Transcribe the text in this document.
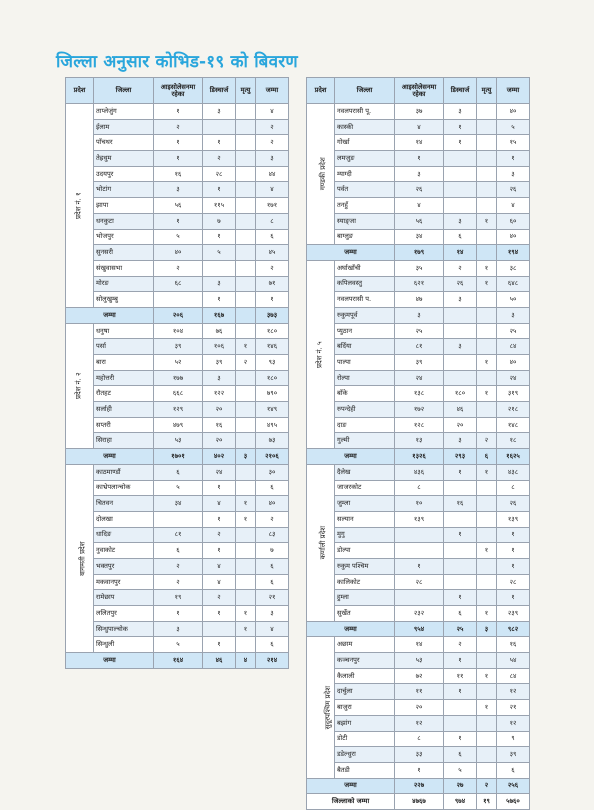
जिल्ला अनुसार कोभिड-१९ को बिवरण
प्रदेश	जिल्ला	आइसोलेसनमा रहेका	डिस्चार्ज	मृत्यु	जम्मा
प्रदेश नं. १	ताप्लेजुंग	१	३		४
	ईलाम	२			२
	पाँचथर	१	१		२
	तेह्रथुम	१	२		३
	उदयपुर	१६	२८		४४
	भोटांग	३	१		४
	झापा	५६	११५		१७१
	धनकुटा	१	७		८
	भोजपुर	५	१		६
	सुनसरी	४०	५		४५
	संखुवासभा	२			२
	मोरङ	६८	३		७१
	सोलुखुम्बु		१		१
जम्मा		२०६	१६७		३७३
प्रदेश नं. २	धनुषा	१०४	७६		१८०
	पर्सा	३९	१०६	१	१४६
	बारा	५२	३९	२	९३
	महोत्तरी	१७७	३		१८०
	रौतहट	६६८	१२२		७९०
	सर्लाही	१२९	२०		१४९
	सप्तरी	४७९	१६		४९५
	सिराहा	५३	२०		७३
जम्मा		१७०१	४०२	३	२१०६
बागमती प्रदेश	काठमाण्डौं	६	२४		३०
	काभ्रेपलान्चोक	५	१		६
	चितवन	३४	४	१	४०
	दोलखा		१	१	२
	धादिङ	८१	२		८३
	नुवाकोट	६	१		७
	भक्तपुर	२	४		६
	मकवानपुर	२	४		६
	रामेछाप	१९	२		२१
	ललितपुर	१	१	१	३
	सिन्धुपाल्चोक	३		१	४
	सिन्धुली	५	१		६
जम्मा		१६४	४६	४	२१४
प्रदेश	जिल्ला	आइसोलेसनमा रहेका	डिस्चार्ज	मृत्यु	जम्मा
गण्डकी प्रदेश	नवलपरासी पू.	३७	३		४०
	कास्की	४	१		५
	गोर्खा	१४	१		१५
	लमजुङ	१			१
	म्याग्दी	३			३
	पर्वत	२६			२६
	तनहुँ	४			४
	स्याङ्जा	५६	३	१	६०
	बाग्लुङ	३४	६		४०
जम्मा		१७९	१४		१९४
प्रदेश नं. ५	अर्घाखाँची	३५	२	१	३८
	कपिलवस्तु	६२१	२६	१	६४८
	नवलपरासी प.	४७	३		५०
	रुकुमपूर्व	३			३
	प्युठान	२५			२५
	बर्दिया	८१	३		८४
	पाल्पा	३९		१	४०
	रोल्पा	२४			२४
	बाँके	१३८	१८०	१	३१९
	रुपन्देही	१७२	४६		२१८
	दाङ	१२८	२०		१४८
	गुल्मी	१३	३	२	१८
जम्मा		१३२६	२९३	६	१६२५
कर्णाली प्रदेश	दैलेख	४३६	१	१	४३८
	जाजरकोट	८			८
	जुम्ला	१०	१६		२६
	सल्यान	१३९			१३९
	मुगु		१		१
	डोल्पा			१	१
	रुकुम पश्चिम	१			१
	कालिकोट	२८			२८
	हुम्ला		१		१
	सुर्खेत	२३२	६	१	२३९
जम्मा		९५४	२५	३	९८२
सुदूरपश्चिम प्रदेश	अछाम	१४	२		१६
	कञ्चनपुर	५३	१		५४
	कैलाली	७२	११	१	८४
	दार्चुला	११	१		१२
	बाजुरा	२०		१	२१
	बझांग	१२			१२
	डोटी	८	१		९
	डडेल्धुरा	३३	६		३९
	बैतडी	१	५		६
जम्मा		२२७	२७	२	२५६
जिल्लाको जम्मा		४७६७	९७४	१९	५७६०
